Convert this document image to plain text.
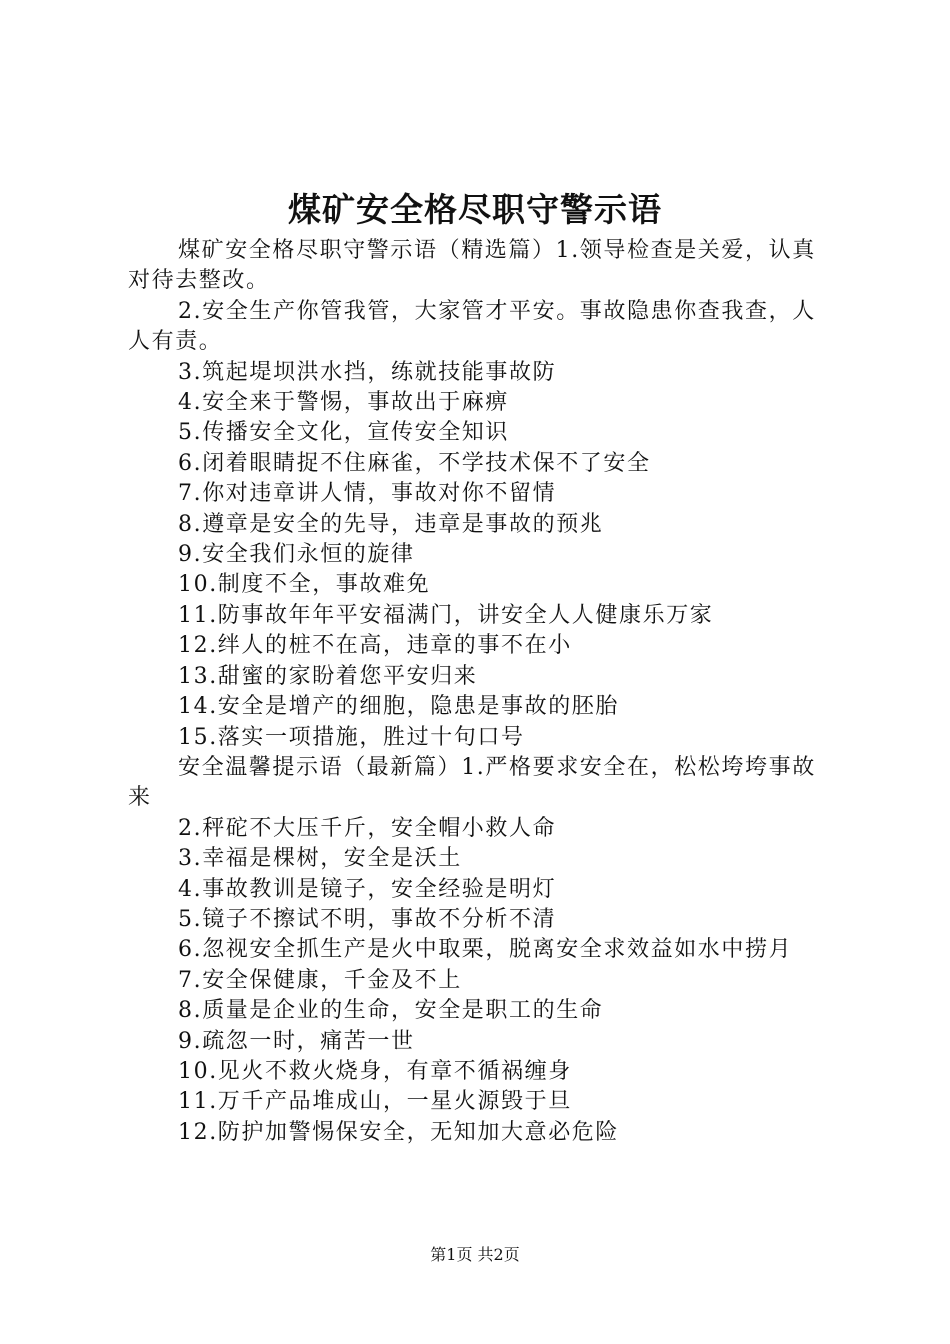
煤矿安全格尽职守警示语

煤矿安全格尽职守警示语（精选篇）1.领导检查是关爱，认真对待去整改。

2.安全生产你管我管，大家管才平安。事故隐患你查我查，人人有责。

3.筑起堤坝洪水挡，练就技能事故防

4.安全来于警惕，事故出于麻痹

5.传播安全文化，宣传安全知识

6.闭着眼睛捉不住麻雀，不学技术保不了安全

7.你对违章讲人情，事故对你不留情

8.遵章是安全的先导，违章是事故的预兆

9.安全我们永恒的旋律

10.制度不全，事故难免

11.防事故年年平安福满门，讲安全人人健康乐万家

12.绊人的桩不在高，违章的事不在小

13.甜蜜的家盼着您平安归来

14.安全是增产的细胞，隐患是事故的胚胎

15.落实一项措施，胜过十句口号

安全温馨提示语（最新篇）1.严格要求安全在，松松垮垮事故来

2.秤砣不大压千斤，安全帽小救人命

3.幸福是棵树，安全是沃土

4.事故教训是镜子，安全经验是明灯

5.镜子不擦试不明，事故不分析不清

6.忽视安全抓生产是火中取栗，脱离安全求效益如水中捞月

7.安全保健康，千金及不上

8.质量是企业的生命，安全是职工的生命

9.疏忽一时，痛苦一世

10.见火不救火烧身，有章不循祸缠身

11.万千产品堆成山，一星火源毁于旦

12.防护加警惕保安全，无知加大意必危险

第1页 共2页
